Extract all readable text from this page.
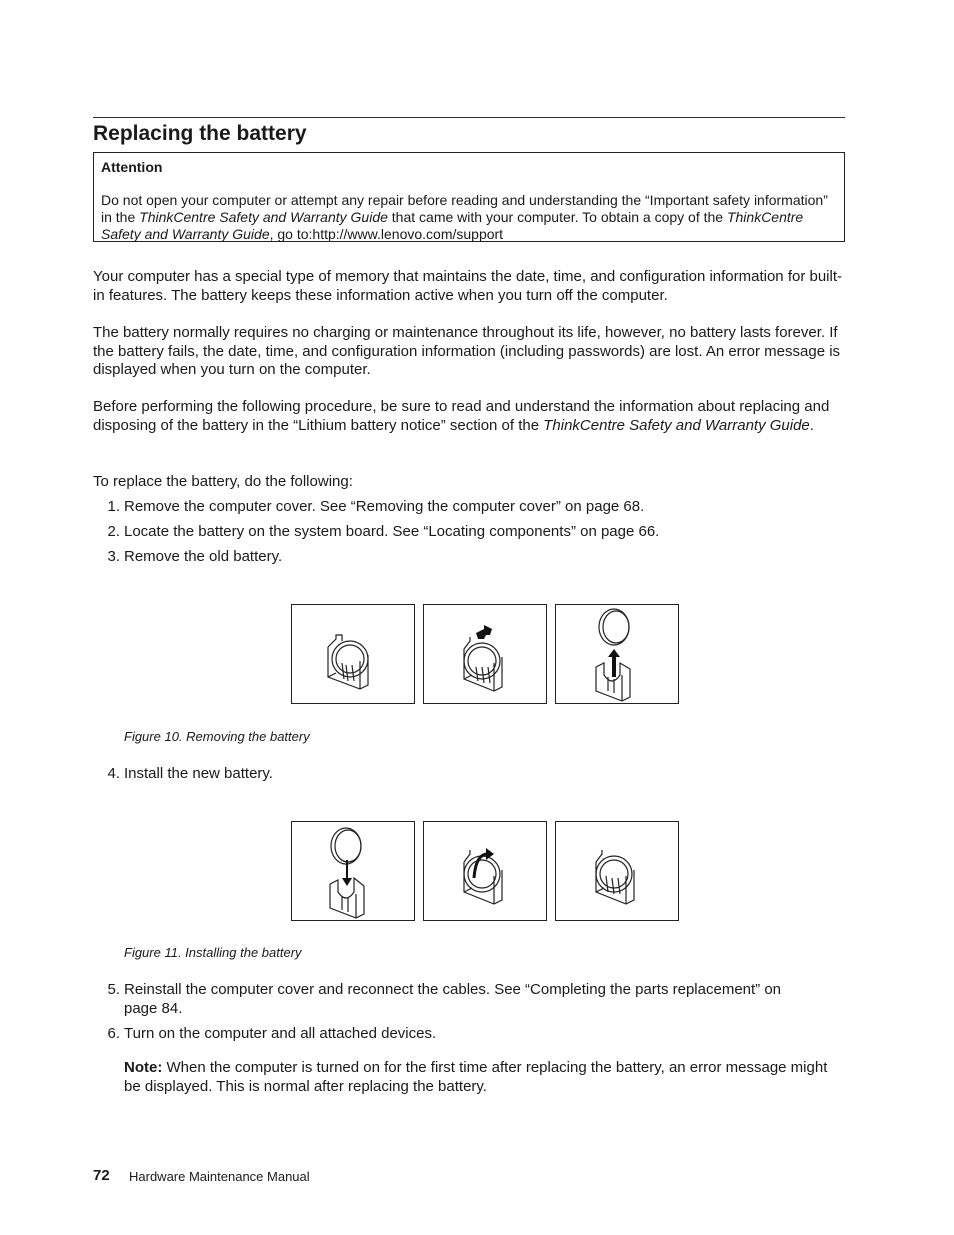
Replacing the battery
Attention

Do not open your computer or attempt any repair before reading and understanding the “Important safety information” in the ThinkCentre Safety and Warranty Guide that came with your computer. To obtain a copy of the ThinkCentre Safety and Warranty Guide, go to:http://www.lenovo.com/support

Your computer has a special type of memory that maintains the date, time, and configuration information for built-in features. The battery keeps these information active when you turn off the computer.

The battery normally requires no charging or maintenance throughout its life, however, no battery lasts forever. If the battery fails, the date, time, and configuration information (including passwords) are lost. An error message is displayed when you turn on the computer.

Before performing the following procedure, be sure to read and understand the information about replacing and disposing of the battery in the “Lithium battery notice” section of the ThinkCentre Safety and Warranty Guide.

To replace the battery, do the following:

1. Remove the computer cover. See “Removing the computer cover” on page 68.
2. Locate the battery on the system board. See “Locating components” on page 66.
3. Remove the old battery.
Figure 10. Removing the battery
4. Install the new battery.
Figure 11. Installing the battery
5. Reinstall the computer cover and reconnect the cables. See “Completing the parts replacement” on page 84.
6. Turn on the computer and all attached devices.
Note: When the computer is turned on for the first time after replacing the battery, an error message might be displayed. This is normal after replacing the battery.
72 Hardware Maintenance Manual
